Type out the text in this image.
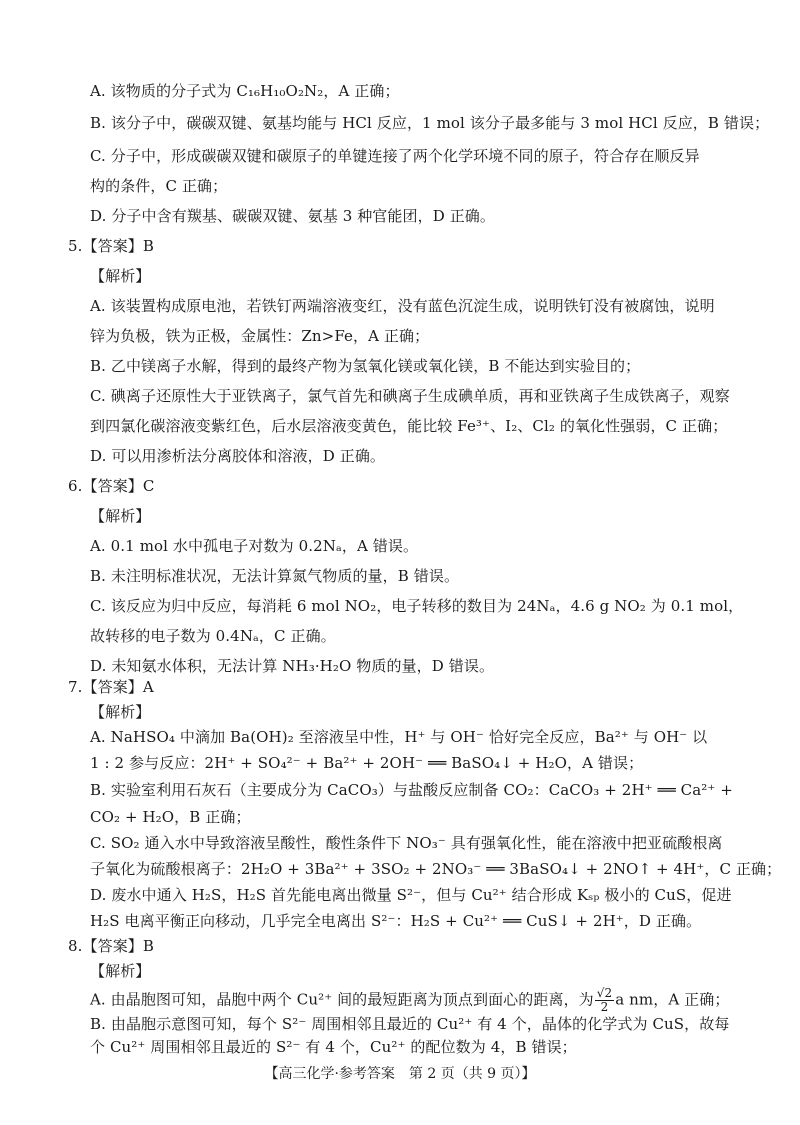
A. 该物质的分子式为 C₁₆H₁₀O₂N₂，A 正确；
B. 该分子中，碳碳双键、氨基均能与 HCl 反应，1 mol 该分子最多能与 3 mol HCl 反应，B 错误；
C. 分子中，形成碳碳双键和碳原子的单键连接了两个化学环境不同的原子，符合存在顺反异
构的条件，C 正确；
D. 分子中含有羰基、碳碳双键、氨基 3 种官能团，D 正确。
5.【答案】B
【解析】
A. 该装置构成原电池，若铁钉两端溶液变红，没有蓝色沉淀生成，说明铁钉没有被腐蚀，说明
锌为负极，铁为正极，金属性：Zn>Fe，A 正确；
B. 乙中镁离子水解，得到的最终产物为氢氧化镁或氧化镁，B 不能达到实验目的；
C. 碘离子还原性大于亚铁离子，氯气首先和碘离子生成碘单质，再和亚铁离子生成铁离子，观察
到四氯化碳溶液变紫红色，后水层溶液变黄色，能比较 Fe³⁺、I₂、Cl₂ 的氧化性强弱，C 正确；
D. 可以用渗析法分离胶体和溶液，D 正确。
6.【答案】C
【解析】
A. 0.1 mol 水中孤电子对数为 0.2Nₐ，A 错误。
B. 未注明标准状况，无法计算氮气物质的量，B 错误。
C. 该反应为归中反应，每消耗 6 mol NO₂，电子转移的数目为 24Nₐ，4.6 g NO₂ 为 0.1 mol，
故转移的电子数为 0.4Nₐ，C 正确。
D. 未知氨水体积，无法计算 NH₃·H₂O 物质的量，D 错误。
7.【答案】A
【解析】
A. NaHSO₄ 中滴加 Ba(OH)₂ 至溶液呈中性，H⁺ 与 OH⁻ 恰好完全反应，Ba²⁺ 与 OH⁻ 以
1 : 2 参与反应：2H⁺ + SO₄²⁻ + Ba²⁺ + 2OH⁻ ══ BaSO₄↓ + H₂O，A 错误；
B. 实验室利用石灰石（主要成分为 CaCO₃）与盐酸反应制备 CO₂：CaCO₃ + 2H⁺ ══ Ca²⁺ +
CO₂ + H₂O，B 正确；
C. SO₂ 通入水中导致溶液呈酸性，酸性条件下 NO₃⁻ 具有强氧化性，能在溶液中把亚硫酸根离
子氧化为硫酸根离子：2H₂O + 3Ba²⁺ + 3SO₂ + 2NO₃⁻ ══ 3BaSO₄↓ + 2NO↑ + 4H⁺，C 正确；
D. 废水中通入 H₂S，H₂S 首先能电离出微量 S²⁻，但与 Cu²⁺ 结合形成 Kₛₚ 极小的 CuS，促进
H₂S 电离平衡正向移动，几乎完全电离出 S²⁻：H₂S + Cu²⁺ ══ CuS↓ + 2H⁺，D 正确。
8.【答案】B
【解析】
【高三化学·参考答案　第 2 页（共 9 页）】
A. 由晶胞图可知，晶胞中两个 Cu²⁺ 间的最短距离为顶点到面心的距离，为 $\frac{√2}{2}$ a nm，A 正确；
B. 由晶胞示意图可知，每个 S²⁻ 周围相邻且最近的 Cu²⁺ 有 4 个，晶体的化学式为 CuS，故每
个 Cu²⁺ 周围相邻且最近的 S²⁻ 有 4 个，Cu²⁺ 的配位数为 4，B 错误；
